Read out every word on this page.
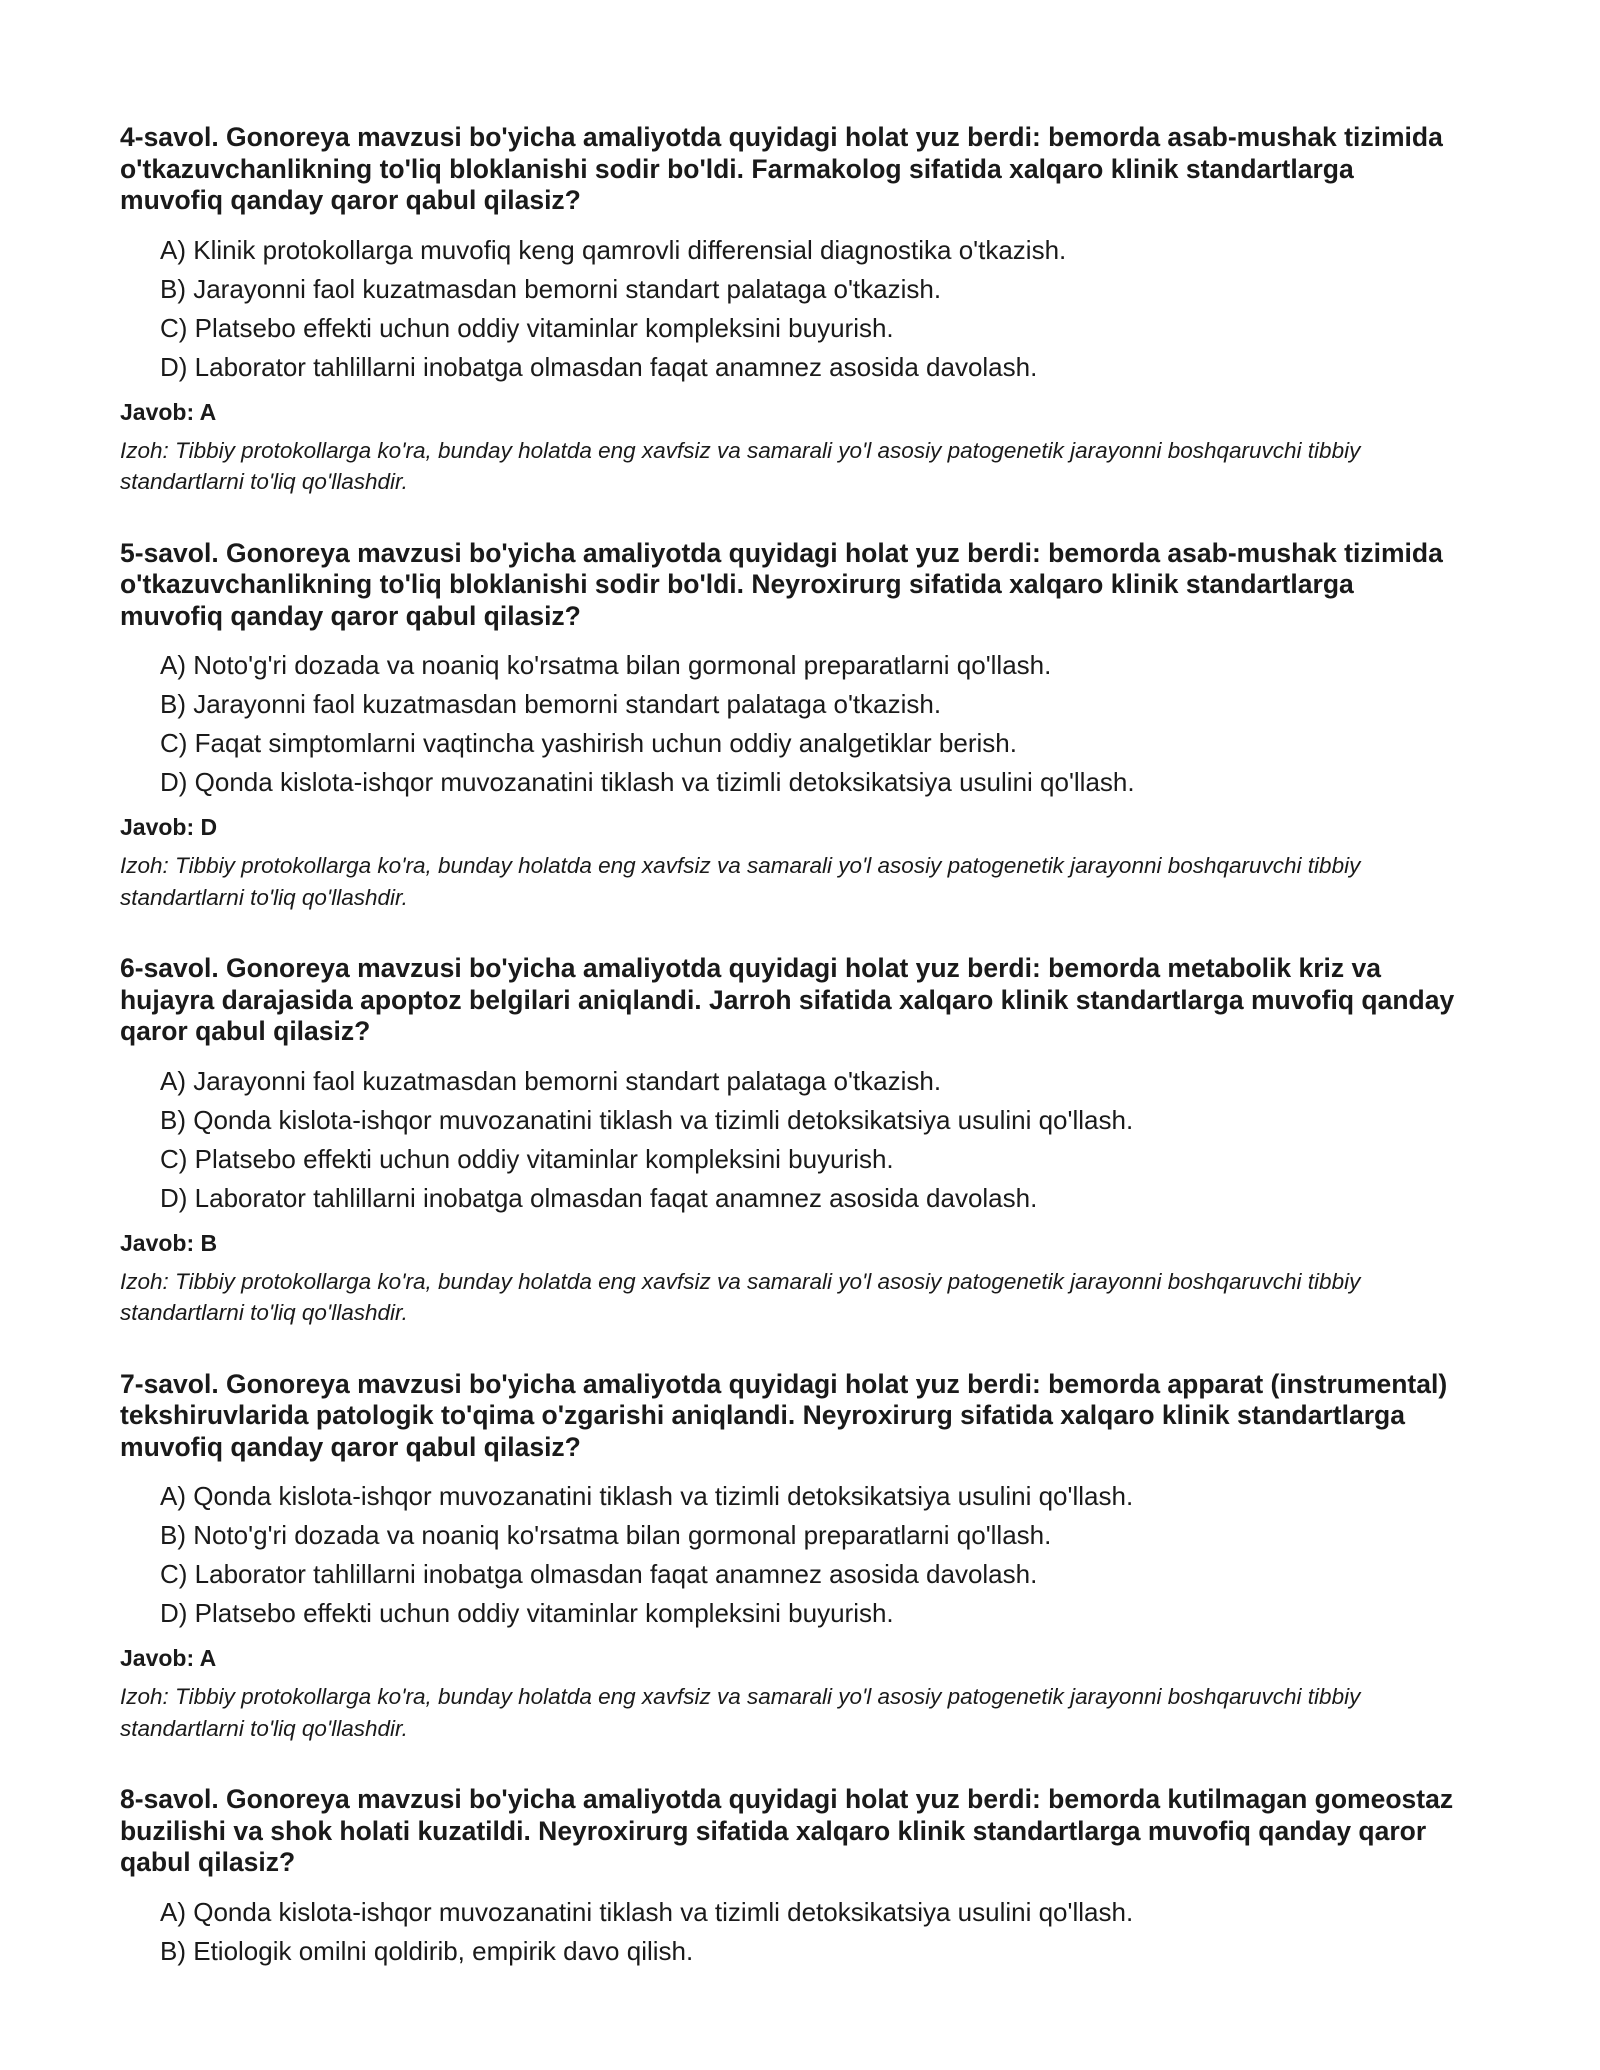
4-savol. Gonoreya mavzusi bo'yicha amaliyotda quyidagi holat yuz berdi: bemorda asab-mushak tizimida o'tkazuvchanlikning to'liq bloklanishi sodir bo'ldi. Farmakolog sifatida xalqaro klinik standartlarga muvofiq qanday qaror qabul qilasiz?

A) Klinik protokollarga muvofiq keng qamrovli differensial diagnostika o'tkazish.
B) Jarayonni faol kuzatmasdan bemorni standart palataga o'tkazish.
C) Platsebo effekti uchun oddiy vitaminlar kompleksini buyurish.
D) Laborator tahlillarni inobatga olmasdan faqat anamnez asosida davolash.

Javob: A

Izoh: Tibbiy protokollarga ko'ra, bunday holatda eng xavfsiz va samarali yo'l asosiy patogenetik jarayonni boshqaruvchi tibbiy standartlarni to'liq qo'llashdir.

5-savol. Gonoreya mavzusi bo'yicha amaliyotda quyidagi holat yuz berdi: bemorda asab-mushak tizimida o'tkazuvchanlikning to'liq bloklanishi sodir bo'ldi. Neyroxirurg sifatida xalqaro klinik standartlarga muvofiq qanday qaror qabul qilasiz?

A) Noto'g'ri dozada va noaniq ko'rsatma bilan gormonal preparatlarni qo'llash.
B) Jarayonni faol kuzatmasdan bemorni standart palataga o'tkazish.
C) Faqat simptomlarni vaqtincha yashirish uchun oddiy analgetiklar berish.
D) Qonda kislota-ishqor muvozanatini tiklash va tizimli detoksikatsiya usulini qo'llash.

Javob: D

Izoh: Tibbiy protokollarga ko'ra, bunday holatda eng xavfsiz va samarali yo'l asosiy patogenetik jarayonni boshqaruvchi tibbiy standartlarni to'liq qo'llashdir.

6-savol. Gonoreya mavzusi bo'yicha amaliyotda quyidagi holat yuz berdi: bemorda metabolik kriz va hujayra darajasida apoptoz belgilari aniqlandi. Jarroh sifatida xalqaro klinik standartlarga muvofiq qanday qaror qabul qilasiz?

A) Jarayonni faol kuzatmasdan bemorni standart palataga o'tkazish.
B) Qonda kislota-ishqor muvozanatini tiklash va tizimli detoksikatsiya usulini qo'llash.
C) Platsebo effekti uchun oddiy vitaminlar kompleksini buyurish.
D) Laborator tahlillarni inobatga olmasdan faqat anamnez asosida davolash.

Javob: B

Izoh: Tibbiy protokollarga ko'ra, bunday holatda eng xavfsiz va samarali yo'l asosiy patogenetik jarayonni boshqaruvchi tibbiy standartlarni to'liq qo'llashdir.

7-savol. Gonoreya mavzusi bo'yicha amaliyotda quyidagi holat yuz berdi: bemorda apparat (instrumental) tekshiruvlarida patologik to'qima o'zgarishi aniqlandi. Neyroxirurg sifatida xalqaro klinik standartlarga muvofiq qanday qaror qabul qilasiz?

A) Qonda kislota-ishqor muvozanatini tiklash va tizimli detoksikatsiya usulini qo'llash.
B) Noto'g'ri dozada va noaniq ko'rsatma bilan gormonal preparatlarni qo'llash.
C) Laborator tahlillarni inobatga olmasdan faqat anamnez asosida davolash.
D) Platsebo effekti uchun oddiy vitaminlar kompleksini buyurish.

Javob: A

Izoh: Tibbiy protokollarga ko'ra, bunday holatda eng xavfsiz va samarali yo'l asosiy patogenetik jarayonni boshqaruvchi tibbiy standartlarni to'liq qo'llashdir.

8-savol. Gonoreya mavzusi bo'yicha amaliyotda quyidagi holat yuz berdi: bemorda kutilmagan gomeostaz buzilishi va shok holati kuzatildi. Neyroxirurg sifatida xalqaro klinik standartlarga muvofiq qanday qaror qabul qilasiz?

A) Qonda kislota-ishqor muvozanatini tiklash va tizimli detoksikatsiya usulini qo'llash.
B) Etiologik omilni qoldirib, empirik davo qilish.
